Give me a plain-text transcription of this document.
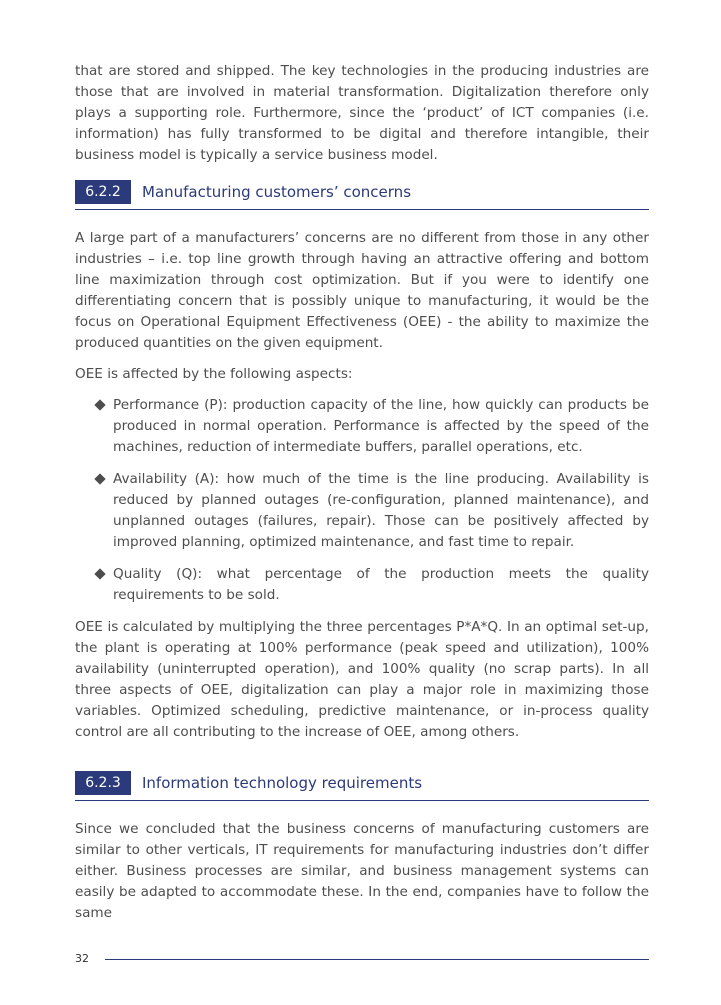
that are stored and shipped. The key technologies in the producing industries are those that are involved in material transformation. Digitalization therefore only plays a supporting role. Furthermore, since the ‘product’ of ICT companies (i.e. information) has fully transformed to be digital and therefore intangible, their business model is typically a service business model.

6.2.2	Manufacturing customers’ concerns

A large part of a manufacturers’ concerns are no different from those in any other industries – i.e. top line growth through having an attractive offering and bottom line maximization through cost optimization. But if you were to identify one differentiating concern that is possibly unique to manufacturing, it would be the focus on Operational Equipment Effectiveness (OEE) - the ability to maximize the produced quantities on the given equipment.

OEE is affected by the following aspects:

Performance (P): production capacity of the line, how quickly can products be produced in normal operation. Performance is affected by the speed of the machines, reduction of intermediate buffers, parallel operations, etc.
Availability (A): how much of the time is the line producing. Availability is reduced by planned outages (re-configuration, planned maintenance), and unplanned outages (failures, repair). Those can be positively affected by improved planning, optimized maintenance, and fast time to repair.
Quality (Q): what percentage of the production meets the quality requirements to be sold.

OEE is calculated by multiplying the three percentages P*A*Q. In an optimal set-up, the plant is operating at 100% performance (peak speed and utilization), 100% availability (uninterrupted operation), and 100% quality (no scrap parts). In all three aspects of OEE, digitalization can play a major role in maximizing those variables. Optimized scheduling, predictive maintenance, or in-process quality control are all contributing to the increase of OEE, among others.

6.2.3	Information technology requirements

Since we concluded that the business concerns of manufacturing customers are similar to other verticals, IT requirements for manufacturing industries don’t differ either. Business processes are similar, and business management systems can easily be adapted to accommodate these. In the end, companies have to follow the same

32
